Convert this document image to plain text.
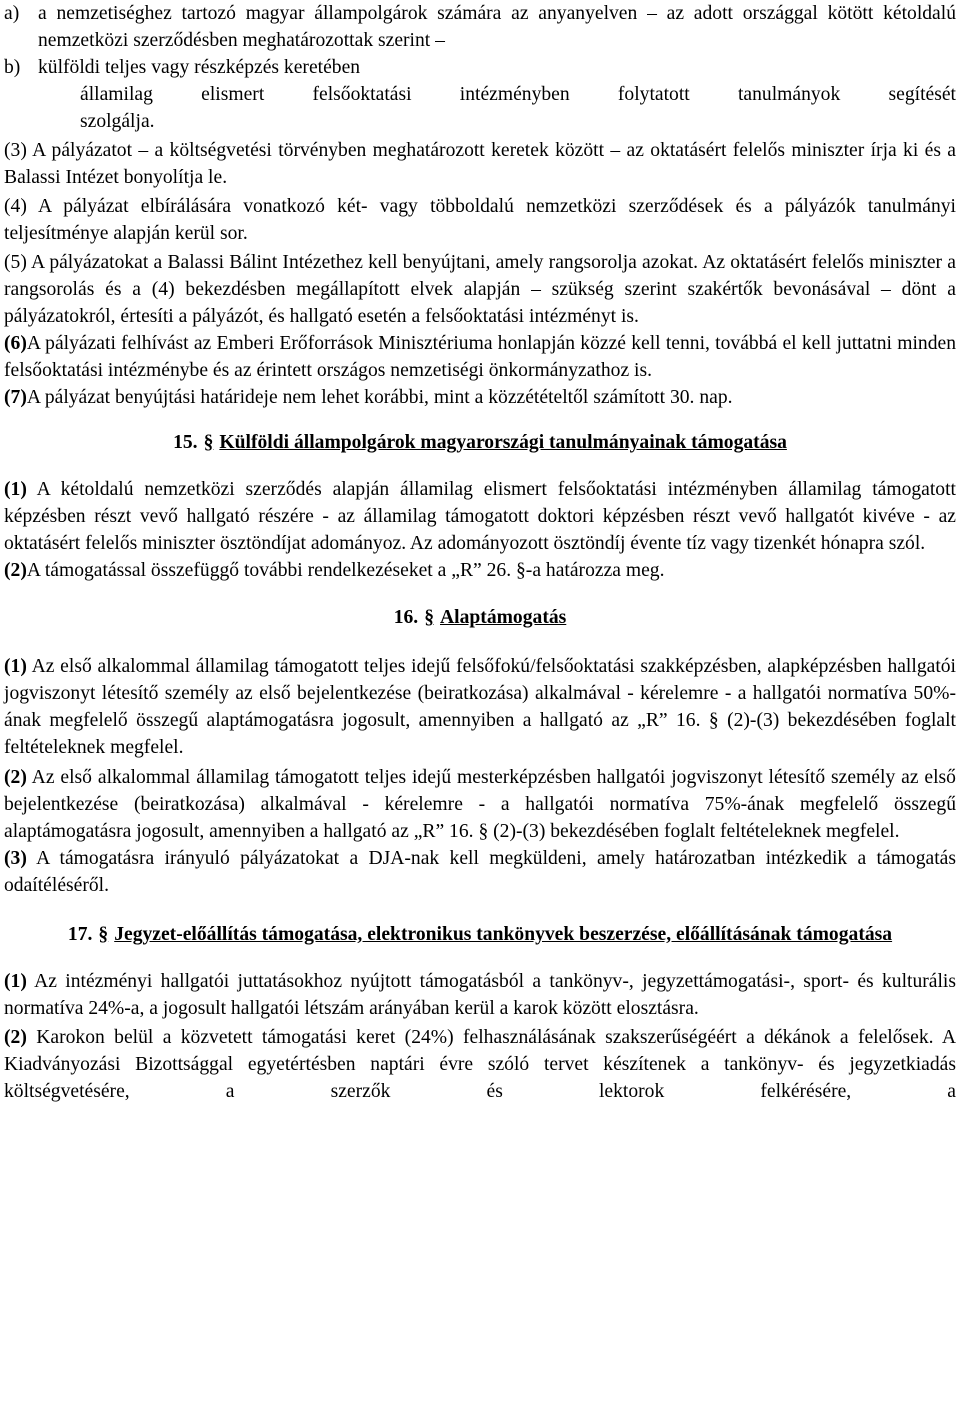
a) a nemzetiséghez tartozó magyar állampolgárok számára az anyanyelven – az adott országgal kötött kétoldalú nemzetközi szerződésben meghatározottak szerint –
b) külföldi teljes vagy részképzés keretében
államilag elismert felsőoktatási intézményben folytatott tanulmányok segítését
szolgálja.

(3) A pályázatot – a költségvetési törvényben meghatározott keretek között – az oktatásért felelős miniszter írja ki és a Balassi Intézet bonyolítja le.

(4) A pályázat elbírálására vonatkozó két- vagy többoldalú nemzetközi szerződések és a pályázók tanulmányi teljesítménye alapján kerül sor.

(5) A pályázatokat a Balassi Bálint Intézethez kell benyújtani, amely rangsorolja azokat. Az oktatásért felelős miniszter a rangsorolás és a (4) bekezdésben megállapított elvek alapján – szükség szerint szakértők bevonásával – dönt a pályázatokról, értesíti a pályázót, és hallgató esetén a felsőoktatási intézményt is.

(6)A pályázati felhívást az Emberi Erőforrások Minisztériuma honlapján közzé kell tenni, továbbá el kell juttatni minden felsőoktatási intézménybe és az érintett országos nemzetiségi önkormányzathoz is.

(7)A pályázat benyújtási határideje nem lehet korábbi, mint a közzétételtől számított 30. nap.

15. § Külföldi állampolgárok magyarországi tanulmányainak támogatása

(1) A kétoldalú nemzetközi szerződés alapján államilag elismert felsőoktatási intézményben államilag támogatott képzésben részt vevő hallgató részére - az államilag támogatott doktori képzésben részt vevő hallgatót kivéve - az oktatásért felelős miniszter ösztöndíjat adományoz. Az adományozott ösztöndíj évente tíz vagy tizenkét hónapra szól.

(2)A támogatással összefüggő további rendelkezéseket a „R” 26. §-a határozza meg.

16. § Alaptámogatás

(1) Az első alkalommal államilag támogatott teljes idejű felsőfokú/felsőoktatási szakképzésben, alapképzésben hallgatói jogviszonyt létesítő személy az első bejelentkezése (beiratkozása) alkalmával - kérelemre - a hallgatói normatíva 50%-ának megfelelő összegű alaptámogatásra jogosult, amennyiben a hallgató az „R” 16. § (2)-(3) bekezdésében foglalt feltételeknek megfelel.

(2) Az első alkalommal államilag támogatott teljes idejű mesterképzésben hallgatói jogviszonyt létesítő személy az első bejelentkezése (beiratkozása) alkalmával - kérelemre - a hallgatói normatíva 75%-ának megfelelő összegű alaptámogatásra jogosult, amennyiben a hallgató az „R” 16. § (2)-(3) bekezdésében foglalt feltételeknek megfelel.

(3) A támogatásra irányuló pályázatokat a DJA-nak kell megküldeni, amely határozatban intézkedik a támogatás odaítéléséről.

17. § Jegyzet-előállítás támogatása, elektronikus tankönyvek beszerzése, előállításának támogatása

(1) Az intézményi hallgatói juttatásokhoz nyújtott támogatásból a tankönyv-, jegyzettámogatási-, sport- és kulturális normatíva 24%-a, a jogosult hallgatói létszám arányában kerül a karok között elosztásra.

(2) Karokon belül a közvetett támogatási keret (24%) felhasználásának szakszerűségéért a dékánok a felelősek. A Kiadványozási Bizottsággal egyetértésben naptári évre szóló tervet készítenek a tankönyv- és jegyzetkiadás költségvetésére, a szerzők és lektorok felkérésére, a
